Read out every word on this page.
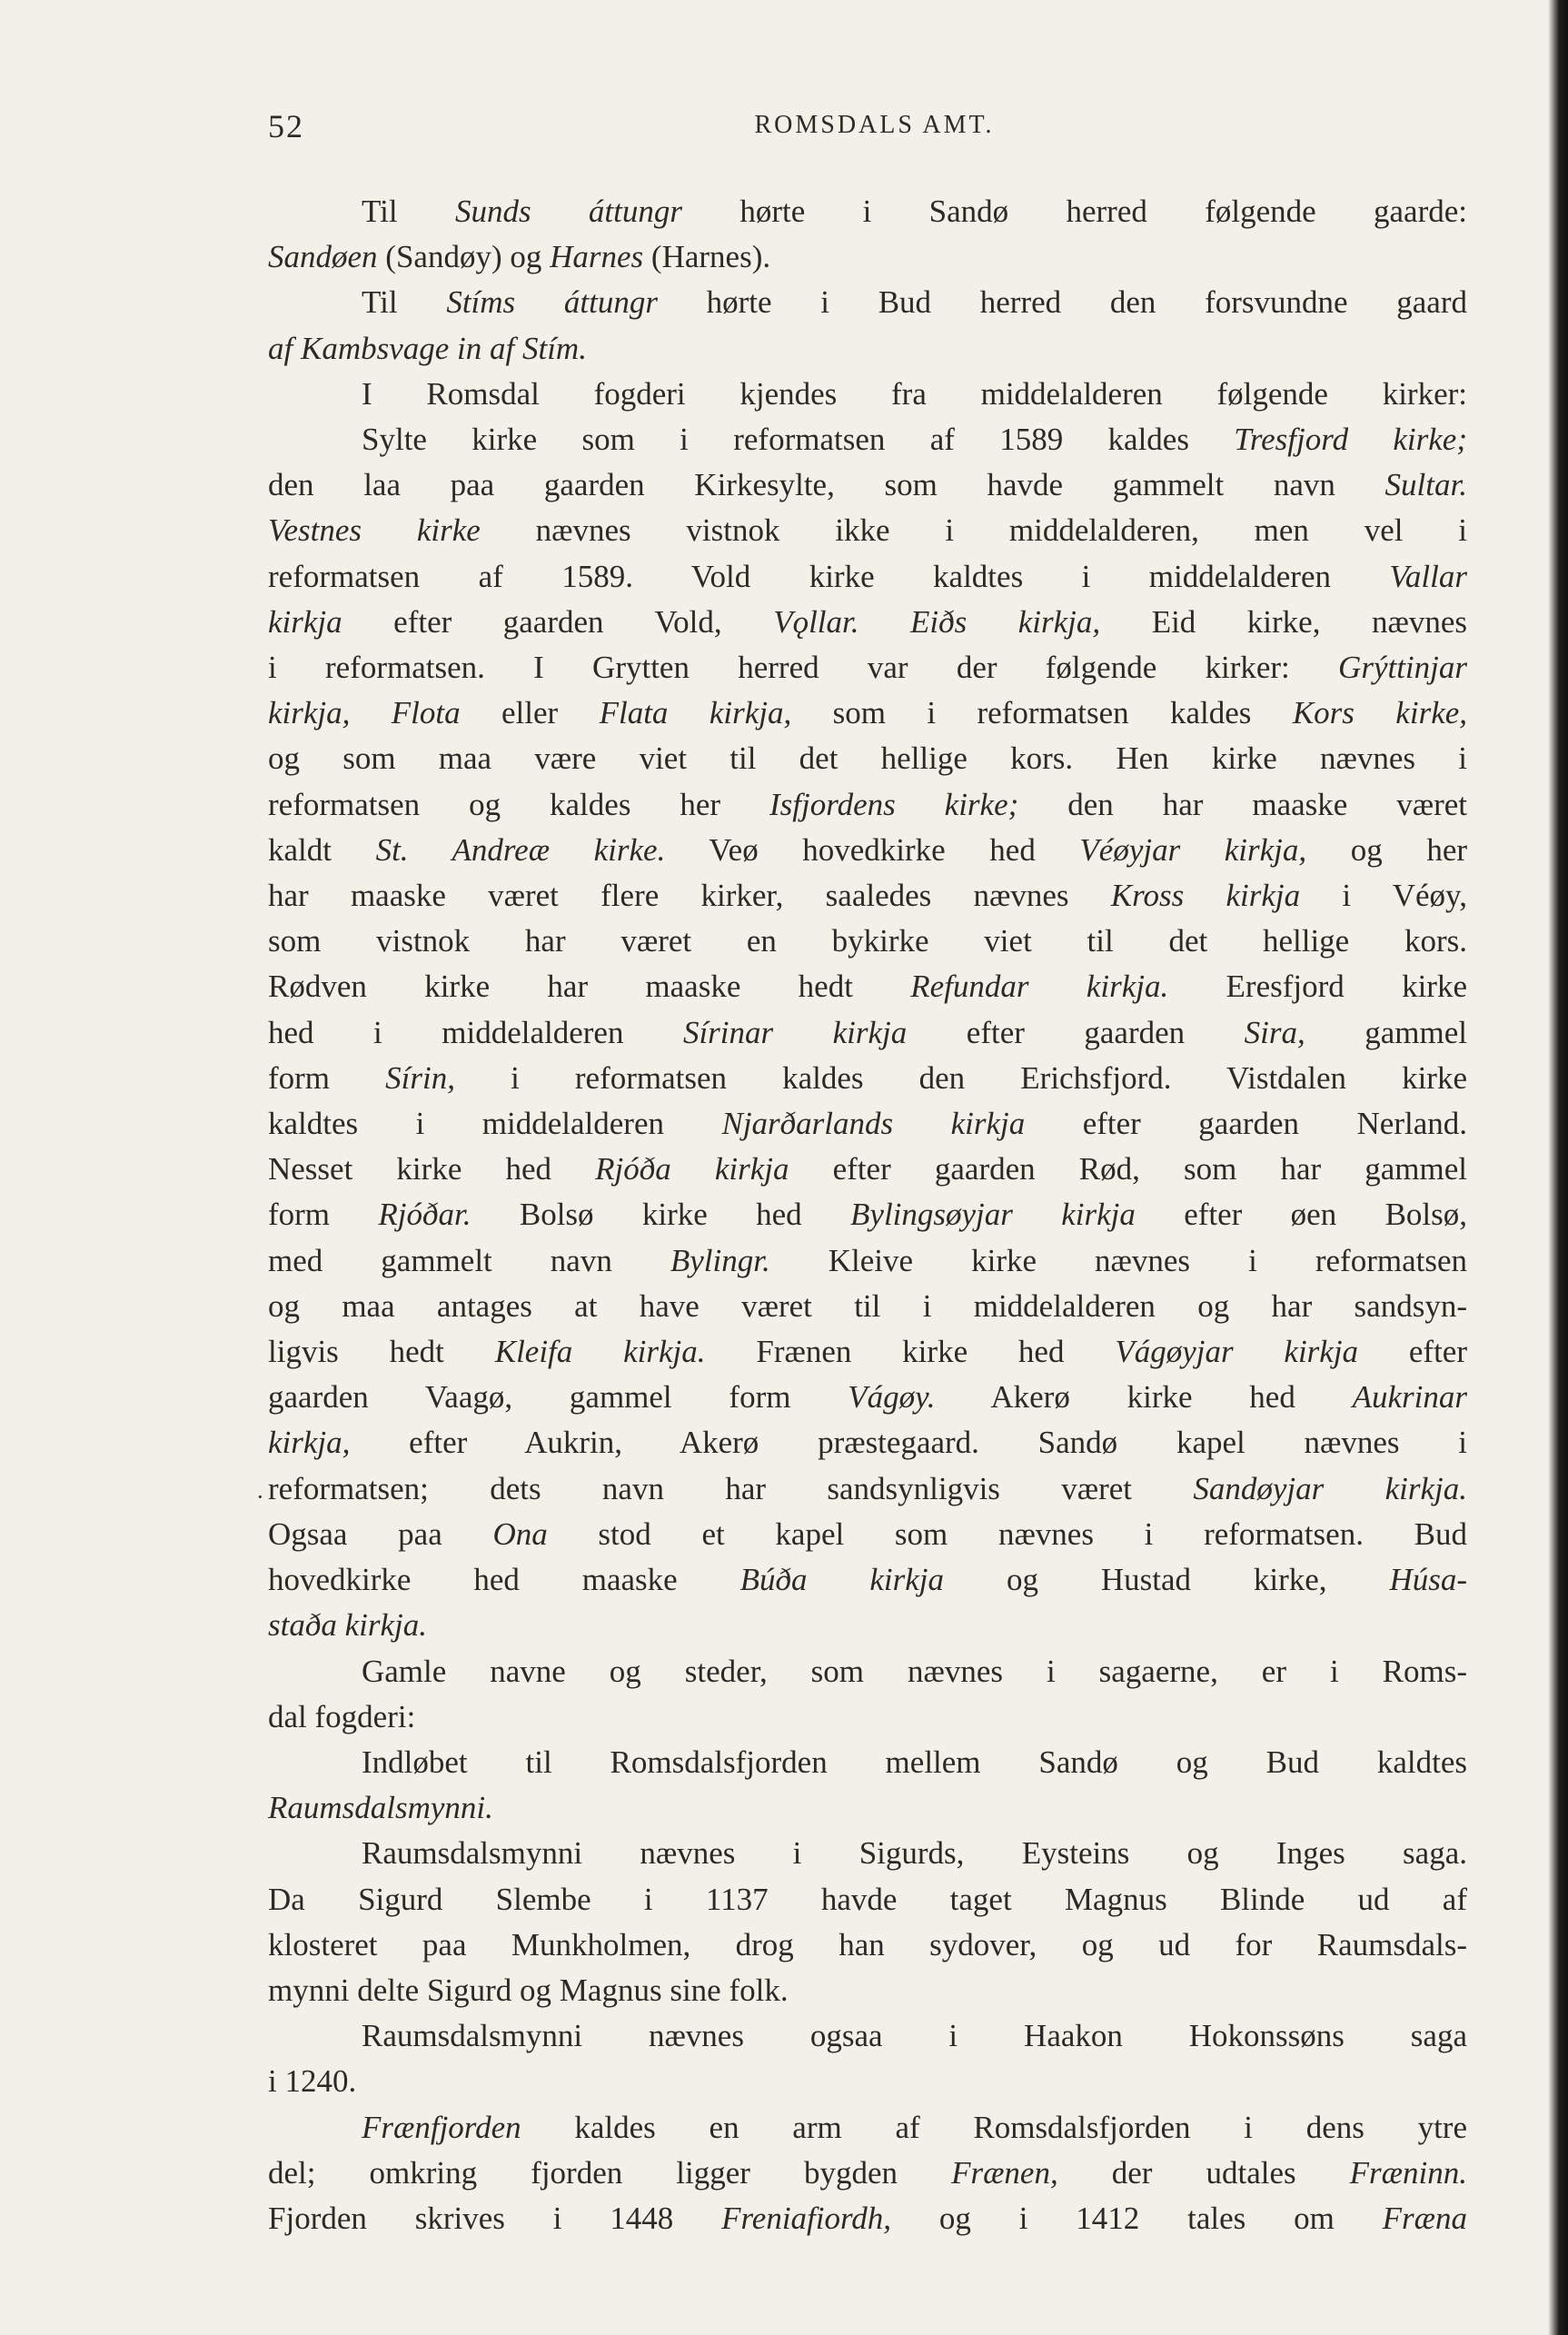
52	ROMSDALS AMT.
·
Til Sunds áttungr hørte i Sandø herred følgende gaarde:
Sandøen (Sandøy) og Harnes (Harnes).
Til Stíms áttungr hørte i Bud herred den forsvundne gaard
af Kambsvage in af Stím.
I Romsdal fogderi kjendes fra middelalderen følgende kirker:
Sylte kirke som i reformatsen af 1589 kaldes Tresfjord kirke;
den laa paa gaarden Kirkesylte, som havde gammelt navn Sultar.
Vestnes kirke nævnes vistnok ikke i middelalderen, men vel i
reformatsen af 1589. Vold kirke kaldtes i middelalderen Vallar
kirkja efter gaarden Vold, Vǫllar. Eiðs kirkja, Eid kirke, nævnes
i reformatsen. I Grytten herred var der følgende kirker: Grýttinjar
kirkja, Flota eller Flata kirkja, som i reformatsen kaldes Kors kirke,
og som maa være viet til det hellige kors. Hen kirke nævnes i
reformatsen og kaldes her Isfjordens kirke; den har maaske været
kaldt St. Andreæ kirke. Veø hovedkirke hed Véøyjar kirkja, og her
har maaske været flere kirker, saaledes nævnes Kross kirkja i Véøy,
som vistnok har været en bykirke viet til det hellige kors.
Rødven kirke har maaske hedt Refundar kirkja. Eresfjord kirke
hed i middelalderen Sírinar kirkja efter gaarden Sira, gammel
form Sírin, i reformatsen kaldes den Erichsfjord. Vistdalen kirke
kaldtes i middelalderen Njarðarlands kirkja efter gaarden Nerland.
Nesset kirke hed Rjóða kirkja efter gaarden Rød, som har gammel
form Rjóðar. Bolsø kirke hed Bylingsøyjar kirkja efter øen Bolsø,
med gammelt navn Bylingr. Kleive kirke nævnes i reformatsen
og maa antages at have været til i middelalderen og har sandsyn-
ligvis hedt Kleifa kirkja. Frænen kirke hed Vágøyjar kirkja efter
gaarden Vaagø, gammel form Vágøy. Akerø kirke hed Aukrinar
kirkja, efter Aukrin, Akerø præstegaard. Sandø kapel nævnes i
reformatsen; dets navn har sandsynligvis været Sandøyjar kirkja.
Ogsaa paa Ona stod et kapel som nævnes i reformatsen. Bud
hovedkirke hed maaske Búða kirkja og Hustad kirke, Húsa-
staða kirkja.
Gamle navne og steder, som nævnes i sagaerne, er i Roms-
dal fogderi:
Indløbet til Romsdalsfjorden mellem Sandø og Bud kaldtes
Raumsdalsmynni.
Raumsdalsmynni nævnes i Sigurds, Eysteins og Inges saga.
Da Sigurd Slembe i 1137 havde taget Magnus Blinde ud af
klosteret paa Munkholmen, drog han sydover, og ud for Raumsdals-
mynni delte Sigurd og Magnus sine folk.
Raumsdalsmynni nævnes ogsaa i Haakon Hokonssøns saga
i 1240.
Frænfjorden kaldes en arm af Romsdalsfjorden i dens ytre
del; omkring fjorden ligger bygden Frænen, der udtales Fræninn.
Fjorden skrives i 1448 Freniafiordh, og i 1412 tales om Fræna
